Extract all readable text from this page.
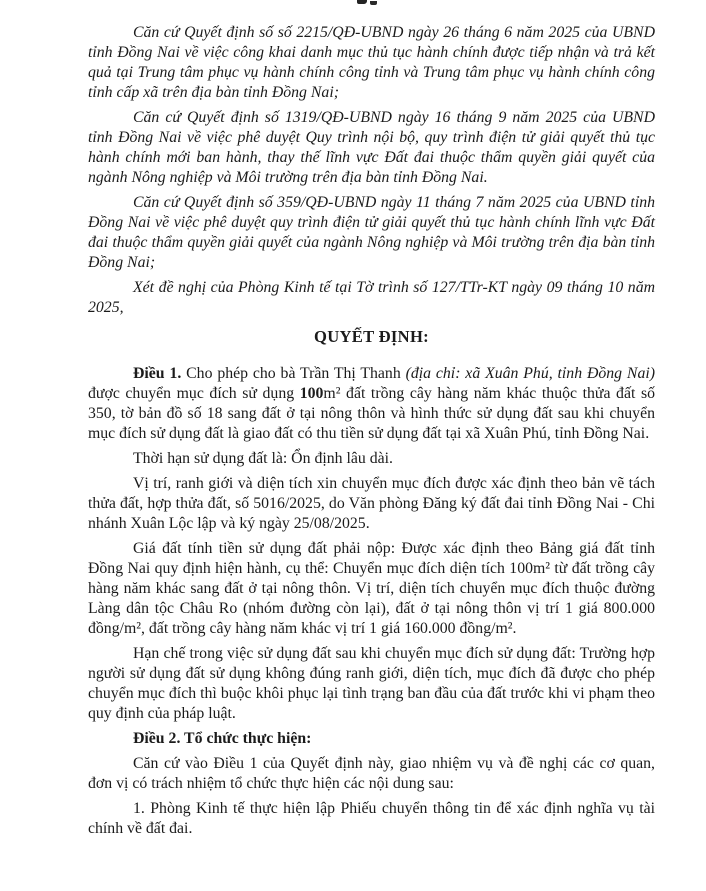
Căn cứ Quyết định số số 2215/QĐ-UBND ngày 26 tháng 6 năm 2025 của UBND tỉnh Đồng Nai về việc công khai danh mục thủ tục hành chính được tiếp nhận và trả kết quả tại Trung tâm phục vụ hành chính công tỉnh và Trung tâm phục vụ hành chính công tỉnh cấp xã trên địa bàn tỉnh Đồng Nai;

Căn cứ Quyết định số 1319/QĐ-UBND ngày 16 tháng 9 năm 2025 của UBND tỉnh Đồng Nai về việc phê duyệt Quy trình nội bộ, quy trình điện tử giải quyết thủ tục hành chính mới ban hành, thay thế lĩnh vực Đất đai thuộc thẩm quyền giải quyết của ngành Nông nghiệp và Môi trường trên địa bàn tỉnh Đồng Nai.

Căn cứ Quyết định số 359/QĐ-UBND ngày 11 tháng 7 năm 2025 của UBND tỉnh Đồng Nai về việc phê duyệt quy trình điện tử giải quyết thủ tục hành chính lĩnh vực Đất đai thuộc thẩm quyền giải quyết của ngành Nông nghiệp và Môi trường trên địa bàn tỉnh Đồng Nai;

Xét đề nghị của Phòng Kinh tế tại Tờ trình số 127/TTr-KT ngày 09 tháng 10 năm 2025,

QUYẾT ĐỊNH:

Điều 1. Cho phép cho bà Trần Thị Thanh (địa chỉ: xã Xuân Phú, tỉnh Đồng Nai) được chuyển mục đích sử dụng 100m² đất trồng cây hàng năm khác thuộc thửa đất số 350, tờ bản đồ số 18 sang đất ở tại nông thôn và hình thức sử dụng đất sau khi chuyển mục đích sử dụng đất là giao đất có thu tiền sử dụng đất tại xã Xuân Phú, tỉnh Đồng Nai.

Thời hạn sử dụng đất là: Ổn định lâu dài.

Vị trí, ranh giới và diện tích xin chuyển mục đích được xác định theo bản vẽ tách thửa đất, hợp thửa đất, số 5016/2025, do Văn phòng Đăng ký đất đai tỉnh Đồng Nai - Chi nhánh Xuân Lộc lập và ký ngày 25/08/2025.

Giá đất tính tiền sử dụng đất phải nộp: Được xác định theo Bảng giá đất tỉnh Đồng Nai quy định hiện hành, cụ thể: Chuyển mục đích diện tích 100m² từ đất trồng cây hàng năm khác sang đất ở tại nông thôn. Vị trí, diện tích chuyển mục đích thuộc đường Làng dân tộc Châu Ro (nhóm đường còn lại), đất ở tại nông thôn vị trí 1 giá 800.000 đồng/m², đất trồng cây hàng năm khác vị trí 1 giá 160.000 đồng/m².

Hạn chế trong việc sử dụng đất sau khi chuyển mục đích sử dụng đất: Trường hợp người sử dụng đất sử dụng không đúng ranh giới, diện tích, mục đích đã được cho phép chuyển mục đích thì buộc khôi phục lại tình trạng ban đầu của đất trước khi vi phạm theo quy định của pháp luật.

Điều 2. Tổ chức thực hiện:

Căn cứ vào Điều 1 của Quyết định này, giao nhiệm vụ và đề nghị các cơ quan, đơn vị có trách nhiệm tổ chức thực hiện các nội dung sau:

1. Phòng Kinh tế thực hiện lập Phiếu chuyển thông tin để xác định nghĩa vụ tài chính về đất đai.
